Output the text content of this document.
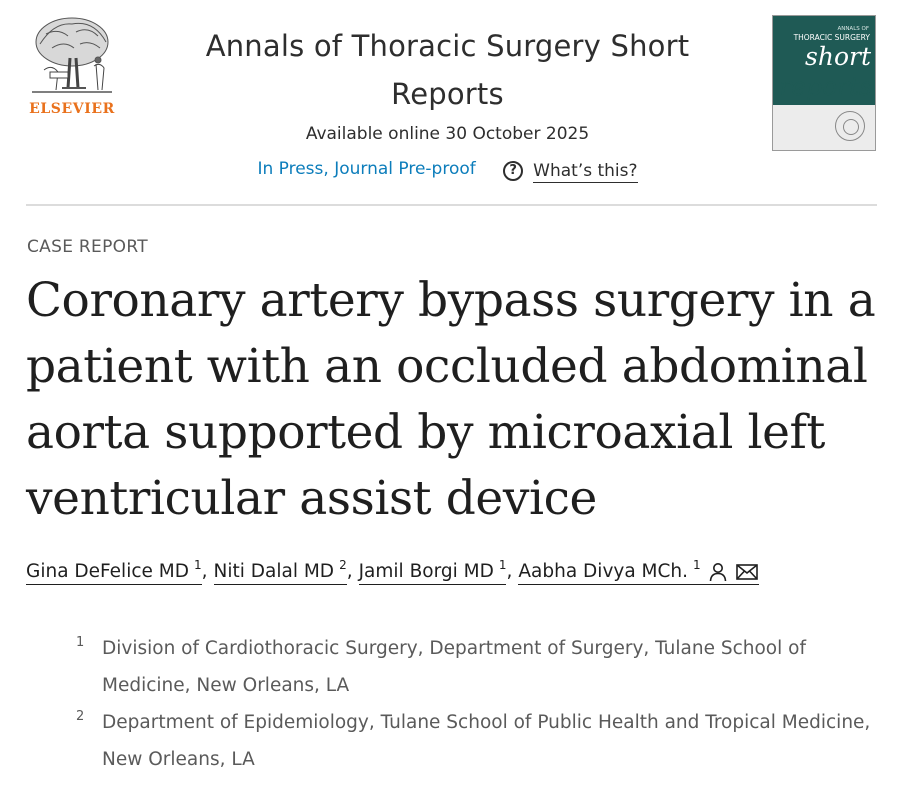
ELSEVIER
Annals of Thoracic Surgery Short Reports
Available online 30 October 2025
In Press, Journal Pre-proof	? What’s this?
ANNALS OF
THORACIC SURGERY
short
reports
CASE REPORT
Coronary artery bypass surgery in a patient with an occluded abdominal aorta supported by microaxial left ventricular assist device
Gina DeFelice MD $^1$ , Niti Dalal MD $^2$ , Jamil Borgi MD $^1$ , Aabha Divya MCh. $^1$
1 Division of Cardiothoracic Surgery, Department of Surgery, Tulane School of Medicine, New Orleans, LA
2 Department of Epidemiology, Tulane School of Public Health and Tropical Medicine, New Orleans, LA
